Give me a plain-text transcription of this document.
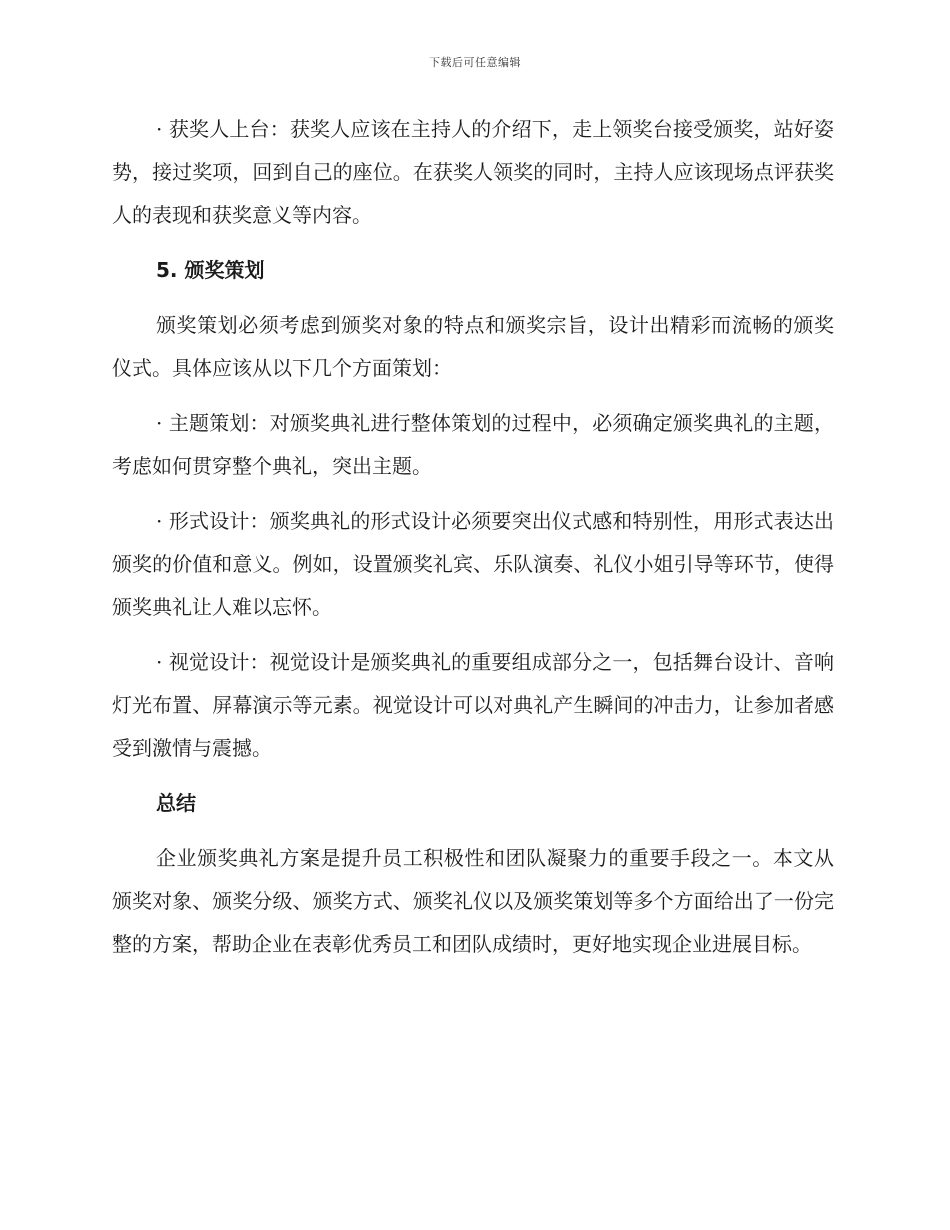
下载后可任意编辑

· 获奖人上台：获奖人应该在主持人的介绍下，走上领奖台接受颁奖，站好姿势，接过奖项，回到自己的座位。在获奖人领奖的同时，主持人应该现场点评获奖人的表现和获奖意义等内容。

5. 颁奖策划

颁奖策划必须考虑到颁奖对象的特点和颁奖宗旨，设计出精彩而流畅的颁奖仪式。具体应该从以下几个方面策划：

· 主题策划：对颁奖典礼进行整体策划的过程中，必须确定颁奖典礼的主题，考虑如何贯穿整个典礼，突出主题。

· 形式设计：颁奖典礼的形式设计必须要突出仪式感和特别性，用形式表达出颁奖的价值和意义。例如，设置颁奖礼宾、乐队演奏、礼仪小姐引导等环节，使得颁奖典礼让人难以忘怀。

· 视觉设计：视觉设计是颁奖典礼的重要组成部分之一，包括舞台设计、音响灯光布置、屏幕演示等元素。视觉设计可以对典礼产生瞬间的冲击力，让参加者感受到激情与震撼。

总结

企业颁奖典礼方案是提升员工积极性和团队凝聚力的重要手段之一。本文从颁奖对象、颁奖分级、颁奖方式、颁奖礼仪以及颁奖策划等多个方面给出了一份完整的方案，帮助企业在表彰优秀员工和团队成绩时，更好地实现企业进展目标。
